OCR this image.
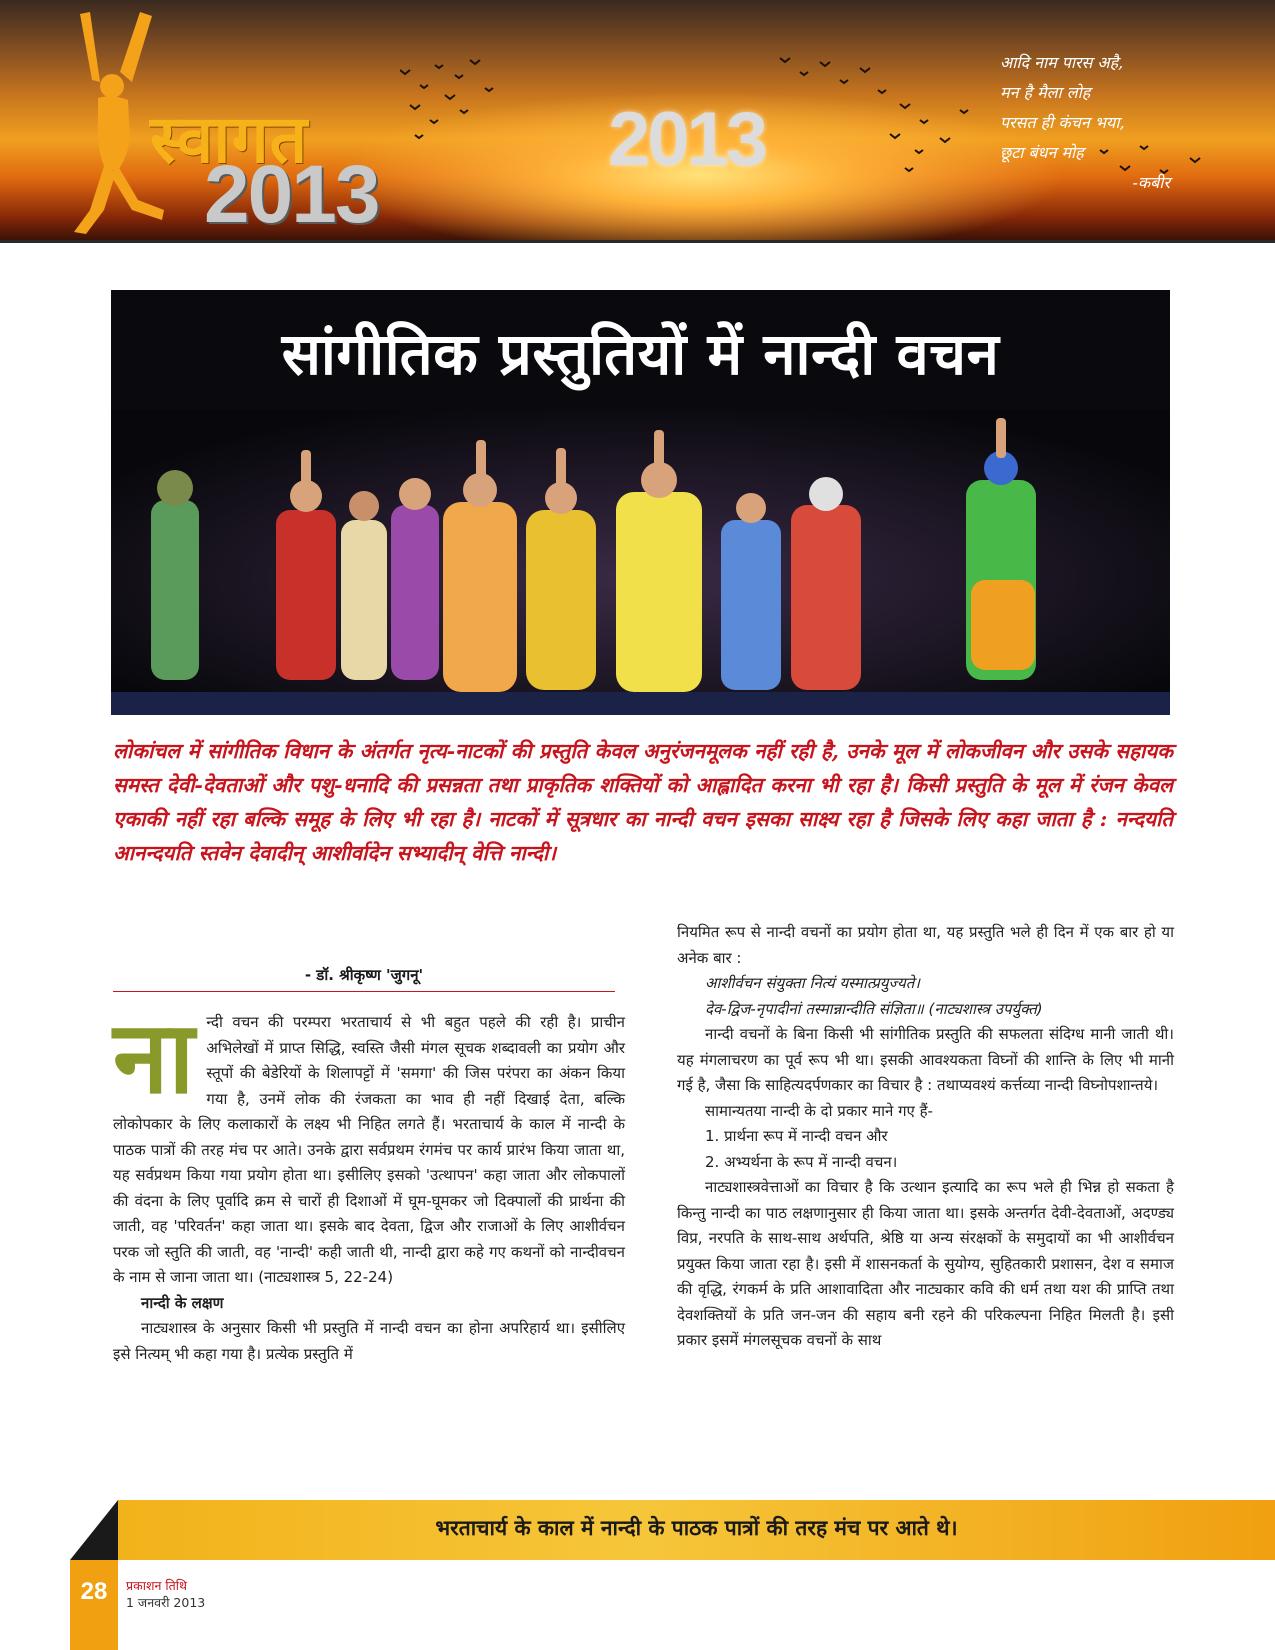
स्वागत
2013
2013
आदि नाम पारस अहै,
मन है मैला लोह
परसत ही कंचन भया,
छूटा बंधन मोह

-कबीर
सांगीतिक प्रस्तुतियों में नान्दी वचन

लोकांचल में सांगीतिक विधान के अंतर्गत नृत्य-नाटकों की प्रस्तुति केवल अनुरंजनमूलक नहीं रही है, उनके मूल में लोकजीवन और उसके सहायक समस्त देवी-देवताओं और पशु-धनादि की प्रसन्नता तथा प्राकृतिक शक्तियों को आह्लादित करना भी रहा है। किसी प्रस्तुति के मूल में रंजन केवल एकाकी नहीं रहा बल्कि समूह के लिए भी रहा है। नाटकों में सूत्रधार का नान्दी वचन इसका साक्ष्य रहा है जिसके लिए कहा जाता है : नन्दयति आनन्दयति स्तवेन देवादीन् आशीर्वादेन सभ्यादीन् वेत्ति नान्दी।

- डॉ. श्रीकृष्ण 'जुगनू'
ना न्दी वचन की परम्परा भरताचार्य से भी बहुत पहले की रही है। प्राचीन अभिलेखों में प्राप्त सिद्धि, स्वस्ति जैसी मंगल सूचक शब्दावली का प्रयोग और स्तूपों की बेडेरियों के शिलापट्टों में 'समगा' की जिस परंपरा का अंकन किया गया है, उनमें लोक की रंजकता का भाव ही नहीं दिखाई देता, बल्कि लोकोपकार के लिए कलाकारों के लक्ष्य भी निहित लगते हैं। भरताचार्य के काल में नान्दी के पाठक पात्रों की तरह मंच पर आते। उनके द्वारा सर्वप्रथम रंगमंच पर कार्य प्रारंभ किया जाता था, यह सर्वप्रथम किया गया प्रयोग होता था। इसीलिए इसको 'उत्थापन' कहा जाता और लोकपालों की वंदना के लिए पूर्वादि क्रम से चारों ही दिशाओं में घूम-घूमकर जो दिक्पालों की प्रार्थना की जाती, वह 'परिवर्तन' कहा जाता था। इसके बाद देवता, द्विज और राजाओं के लिए आशीर्वचन परक जो स्तुति की जाती, वह 'नान्दी' कही जाती थी, नान्दी द्वारा कहे गए कथनों को नान्दीवचन के नाम से जाना जाता था। (नाट्यशास्त्र 5, 22-24)

नान्दी के लक्षण

नाट्यशास्त्र के अनुसार किसी भी प्रस्तुति में नान्दी वचन का होना अपरिहार्य था। इसीलिए इसे नित्यम् भी कहा गया है। प्रत्येक प्रस्तुति में

नियमित रूप से नान्दी वचनों का प्रयोग होता था, यह प्रस्तुति भले ही दिन में एक बार हो या अनेक बार :

आशीर्वचन संयुक्ता नित्यं यस्मात्प्रयुज्यते।

देव-द्विज-नृपादीनां तस्मान्नान्दीति संज्ञिता॥ (नाट्यशास्त्र उपर्युक्त)

नान्दी वचनों के बिना किसी भी सांगीतिक प्रस्तुति की सफलता संदिग्ध मानी जाती थी। यह मंगलाचरण का पूर्व रूप भी था। इसकी आवश्यकता विघ्नों की शान्ति के लिए भी मानी गई है, जैसा कि साहित्यदर्पणकार का विचार है : तथाप्यवश्यं कर्त्तव्या नान्दी विघ्नोपशान्तये।

सामान्यतया नान्दी के दो प्रकार माने गए हैं-

1. प्रार्थना रूप में नान्दी वचन और

2. अभ्यर्थना के रूप में नान्दी वचन।

नाट्यशास्त्रवेत्ताओं का विचार है कि उत्थान इत्यादि का रूप भले ही भिन्न हो सकता है किन्तु नान्दी का पाठ लक्षणानुसार ही किया जाता था। इसके अन्तर्गत देवी-देवताओं, अदण्ड्य विप्र, नरपति के साथ-साथ अर्थपति, श्रेष्ठि या अन्य संरक्षकों के समुदायों का भी आशीर्वचन प्रयुक्त किया जाता रहा है। इसी में शासनकर्ता के सुयोग्य, सुहितकारी प्रशासन, देश व समाज की वृद्धि, रंगकर्म के प्रति आशावादिता और नाट्यकार कवि की धर्म तथा यश की प्राप्ति तथा देवशक्तियों के प्रति जन-जन की सहाय बनी रहने की परिकल्पना निहित मिलती है। इसी प्रकार इसमें मंगलसूचक वचनों के साथ

भरताचार्य के काल में नान्दी के पाठक पात्रों की तरह मंच पर आते थे।
28	प्रकाशन तिथि
1 जनवरी 2013
